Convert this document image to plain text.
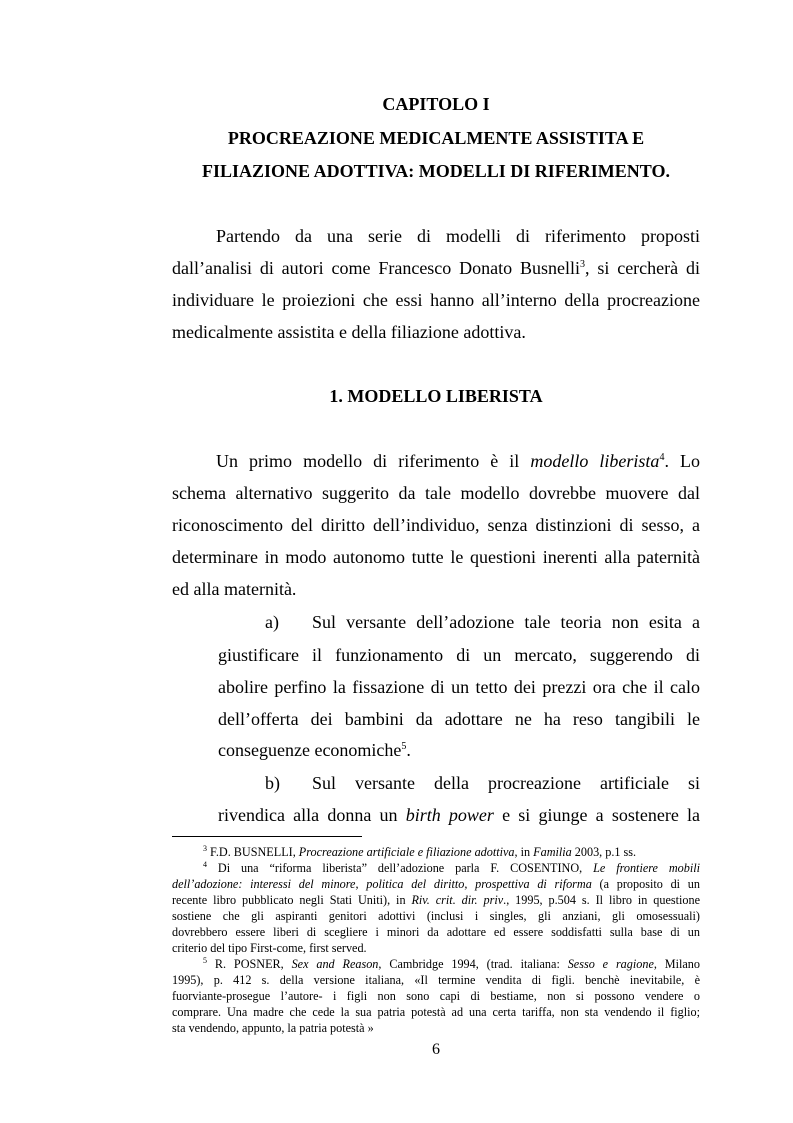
CAPITOLO I
PROCREAZIONE MEDICALMENTE ASSISTITA E
FILIAZIONE ADOTTIVA: MODELLI DI RIFERIMENTO.
Partendo da una serie di modelli di riferimento proposti
dall’analisi di autori come Francesco Donato Busnelli$^3$, si cercherà di
individuare le proiezioni che essi hanno all’interno della procreazione
medicalmente assistita e della filiazione adottiva.
1. MODELLO LIBERISTA
Un primo modello di riferimento è il modello liberista$^4$. Lo
schema alternativo suggerito da tale modello dovrebbe muovere dal
riconoscimento del diritto dell’individuo, senza distinzioni di sesso, a
determinare in modo autonomo tutte le questioni inerenti alla paternità
ed alla maternità.
a) Sul versante dell’adozione tale teoria non esita a
giustificare il funzionamento di un mercato, suggerendo di
abolire perfino la fissazione di un tetto dei prezzi ora che il calo
dell’offerta dei bambini da adottare ne ha reso tangibili le
conseguenze economiche$^5$.
b) Sul versante della procreazione artificiale si
rivendica alla donna un birth power e si giunge a sostenere la
$^3$ F.D. BUSNELLI, Procreazione artificiale e filiazione adottiva, in Familia 2003, p.1 ss.
$^4$ Di una “riforma liberista” dell’adozione parla F. COSENTINO, Le frontiere mobili
dell’adozione: interessi del minore, politica del diritto, prospettiva di riforma (a proposito di un
recente libro pubblicato negli Stati Uniti), in Riv. crit. dir. priv., 1995, p.504 s. Il libro in questione
sostiene che gli aspiranti genitori adottivi (inclusi i singles, gli anziani, gli omosessuali)
dovrebbero essere liberi di scegliere i minori da adottare ed essere soddisfatti sulla base di un
criterio del tipo First-come, first served.
$^5$ R. POSNER, Sex and Reason, Cambridge 1994, (trad. italiana: Sesso e ragione, Milano
1995), p. 412 s. della versione italiana, «Il termine vendita di figli. benchè inevitabile, è
fuorviante-prosegue l’autore- i figli non sono capi di bestiame, non si possono vendere o
comprare. Una madre che cede la sua patria potestà ad una certa tariffa, non sta vendendo il figlio;
sta vendendo, appunto, la patria potestà »
6
